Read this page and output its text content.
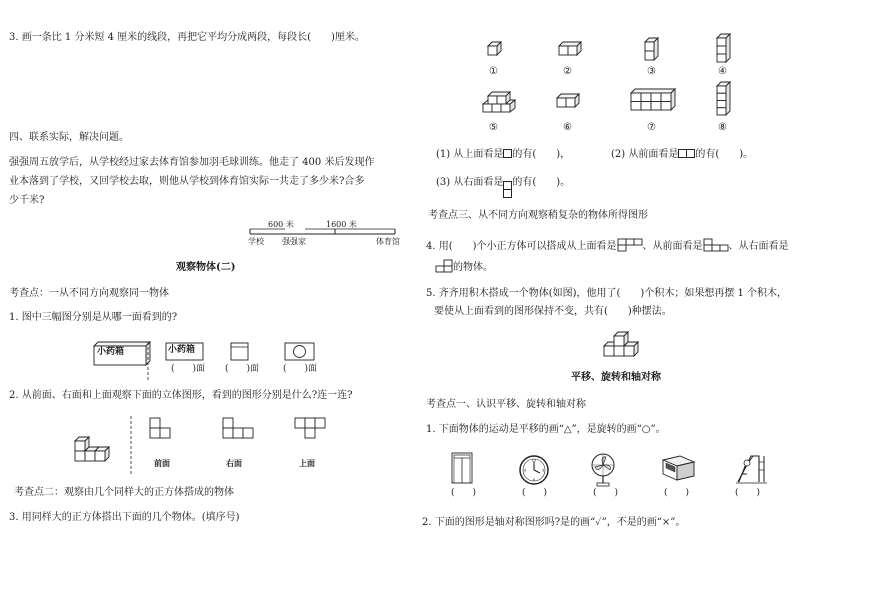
3. 画一条比 1 分米短 4 厘米的线段，再把它平均分成两段，每段长(　　)厘米。
四、联系实际，解决问题。
强强周五放学后，从学校经过家去体育馆参加羽毛球训练。他走了 400 米后发现作
业本落到了学校，又回学校去取，则他从学校到体育馆实际一共走了多少米?合多
少千米?
600 米	1600 米
学校 强强家	体育馆
观察物体(二)
考查点：一从不同方向观察同一物体
1. 图中三幅图分别是从哪一面看到的?
小药箱	小药箱
(　　)面 (　　)面	(　　)面
2. 从前面、右面和上面观察下面的立体图形，看到的图形分别是什么?连一连?
前面	右面	上面
考查点二：观察由几个同样大的正方体搭成的物体
3. 用同样大的正方体搭出下面的几个物体。(填序号)
①	②	③	④
⑤	⑥	⑦	⑧
(1) 从上面看是 的有(　　)，	(2) 从前面看是 的有(　　)。
(3) 从右面看是 的有(　　)。
考查点三、从不同方向观察稍复杂的物体所得图形
4. 用(　　)个小正方体可以搭成从上面看是	、从前面看是	、从右面看是
的物体。
5. 齐齐用积木搭成一个物体(如图)，他用了(　　)个积木；如果想再摆 1 个积木，
要使从上面看到的图形保持不变，共有(　　)种摆法。
平移、旋转和轴对称
考查点一、认识平移、旋转和轴对称
1. 下面物体的运动是平移的画“△”，是旋转的画“○”。
12
3
6
9
(　　)	(　　)	(　　)	(　　)	(　　)
2. 下面的图形是轴对称图形吗?是的画“✓”，不是的画“×”。
